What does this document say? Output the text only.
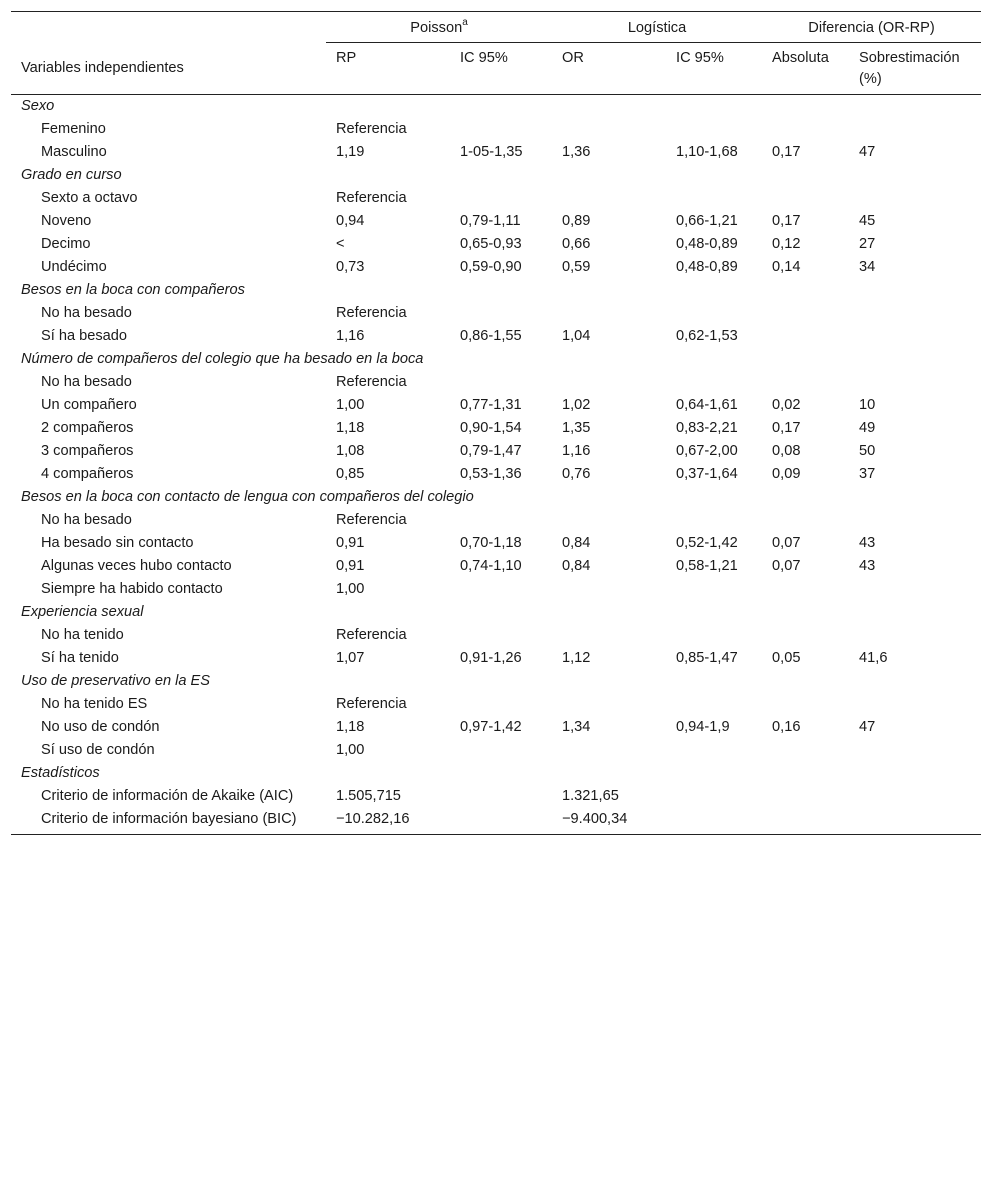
	Poisson$^a$		Logística		Diferencia (OR-RP)	
Variables independientes	RP	IC 95%	OR	IC 95%	Absoluta	Sobrestimación (%)
Sexo						
Femenino	Referencia					
Masculino	1,19	1-05-1,35	1,36	1,10-1,68	0,17	47
Grado en curso						
Sexto a octavo	Referencia					
Noveno	0,94	0,79-1,11	0,89	0,66-1,21	0,17	45
Decimo	<	0,65-0,93	0,66	0,48-0,89	0,12	27
Undécimo	0,73	0,59-0,90	0,59	0,48-0,89	0,14	34
Besos en la boca con compañeros						
No ha besado	Referencia					
Sí ha besado	1,16	0,86-1,55	1,04	0,62-1,53		
Número de compañeros del colegio que ha besado en la boca						
No ha besado	Referencia					
Un compañero	1,00	0,77-1,31	1,02	0,64-1,61	0,02	10
2 compañeros	1,18	0,90-1,54	1,35	0,83-2,21	0,17	49
3 compañeros	1,08	0,79-1,47	1,16	0,67-2,00	0,08	50
4 compañeros	0,85	0,53-1,36	0,76	0,37-1,64	0,09	37
Besos en la boca con contacto de lengua con compañeros del colegio						
No ha besado	Referencia					
Ha besado sin contacto	0,91	0,70-1,18	0,84	0,52-1,42	0,07	43
Algunas veces hubo contacto	0,91	0,74-1,10	0,84	0,58-1,21	0,07	43
Siempre ha habido contacto	1,00					
Experiencia sexual						
No ha tenido	Referencia					
Sí ha tenido	1,07	0,91-1,26	1,12	0,85-1,47	0,05	41,6
Uso de preservativo en la ES						
No ha tenido ES	Referencia					
No uso de condón	1,18	0,97-1,42	1,34	0,94-1,9	0,16	47
Sí uso de condón	1,00					
Estadísticos						
Criterio de información de Akaike (AIC)	1.505,715		1.321,65			
Criterio de información bayesiano (BIC)	−10.282,16		−9.400,34			
